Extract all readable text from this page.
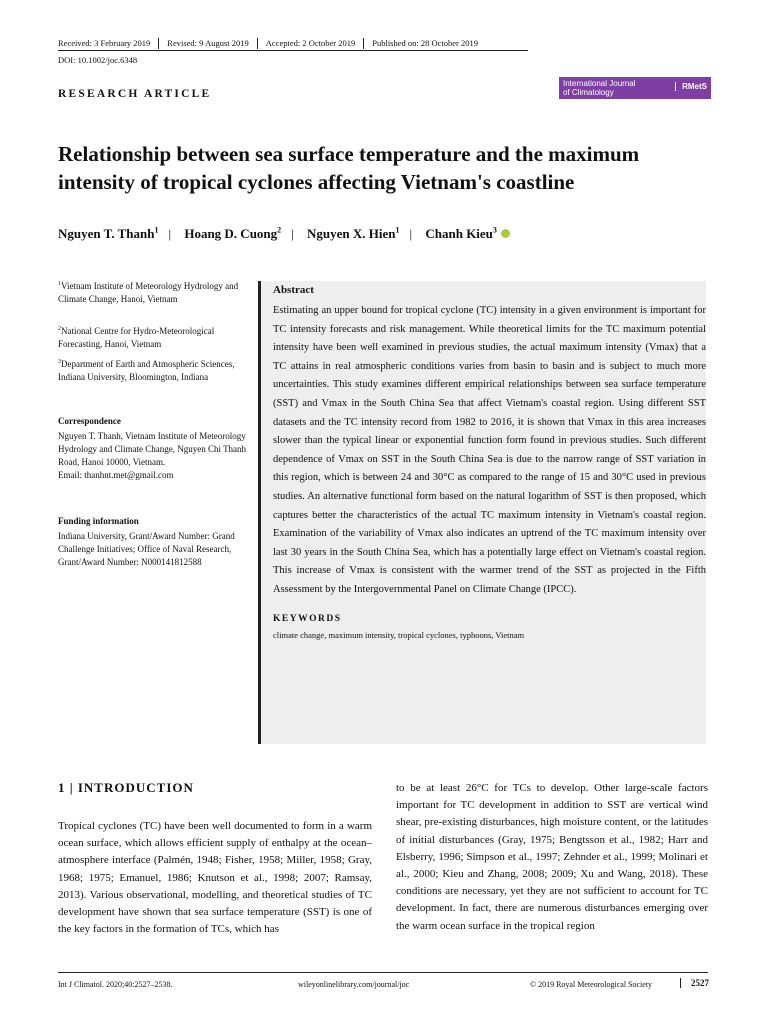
Received: 3 February 2019	Revised: 9 August 2019	Accepted: 2 October 2019	Published on: 28 October 2019
DOI: 10.1002/joc.6348
International Journal
of Climatology
RMetS
RESEARCH ARTICLE
Relationship between sea surface temperature and the maximum intensity of tropical cyclones affecting Vietnam's coastline
Nguyen T. Thanh$^1$ | Hoang D. Cuong$^2$ | Nguyen X. Hien$^1$ | Chanh Kieu$^3$
$^1$Vietnam Institute of Meteorology Hydrology and Climate Change, Hanoi, Vietnam
$^2$National Centre for Hydro-Meteorological Forecasting, Hanoi, Vietnam
$^3$Department of Earth and Atmospheric Sciences, Indiana University, Bloomington, Indiana
Correspondence
Nguyen T. Thanh, Vietnam Institute of Meteorology Hydrology and Climate Change, Nguyen Chi Thanh Road, Hanoi 10000, Vietnam.
Email: thanhnt.met@gmail.com
Funding information
Indiana University, Grant/Award Number: Grand Challenge Initiatives; Office of Naval Research, Grant/Award Number: N000141812588
Abstract

Estimating an upper bound for tropical cyclone (TC) intensity in a given environment is important for TC intensity forecasts and risk management. While theoretical limits for the TC maximum potential intensity have been well examined in previous studies, the actual maximum intensity (Vmax) that a TC attains in real atmospheric conditions varies from basin to basin and is subject to much more uncertainties. This study examines different empirical relationships between sea surface temperature (SST) and Vmax in the South China Sea that affect Vietnam's coastal region. Using different SST datasets and the TC intensity record from 1982 to 2016, it is shown that Vmax in this area increases slower than the typical linear or exponential function form found in previous studies. Such different dependence of Vmax on SST in the South China Sea is due to the narrow range of SST variation in this region, which is between 24 and 30°C as compared to the range of 15 and 30°C used in previous studies. An alternative functional form based on the natural logarithm of SST is then proposed, which captures better the characteristics of the actual TC maximum intensity in Vietnam's coastal region. Examination of the variability of Vmax also indicates an uptrend of the TC maximum intensity over last 30 years in the South China Sea, which has a potentially large effect on Vietnam's coastal region. This increase of Vmax is consistent with the warmer trend of the SST as projected in the Fifth Assessment by the Intergovernmental Panel on Climate Change (IPCC).

KEYWORDS
climate change, maximum intensity, tropical cyclones, typhoons, Vietnam
1 | INTRODUCTION
Tropical cyclones (TC) have been well documented to form in a warm ocean surface, which allows efficient supply of enthalpy at the ocean–atmosphere interface (Palmén, 1948; Fisher, 1958; Miller, 1958; Gray, 1968; 1975; Emanuel, 1986; Knutson et al., 1998; 2007; Ramsay, 2013). Various observational, modelling, and theoretical studies of TC development have shown that sea surface temperature (SST) is one of the key factors in the formation of TCs, which has
to be at least 26°C for TCs to develop. Other large-scale factors important for TC development in addition to SST are vertical wind shear, pre-existing disturbances, high moisture content, or the latitudes of initial disturbances (Gray, 1975; Bengtsson et al., 1982; Harr and Elsberry, 1996; Simpson et al., 1997; Zehnder et al., 1999; Molinari et al., 2000; Kieu and Zhang, 2008; 2009; Xu and Wang, 2018). These conditions are necessary, yet they are not sufficient to account for TC development. In fact, there are numerous disturbances emerging over the warm ocean surface in the tropical region
Int J Climatol. 2020;40:2527–2538.	wileyonlinelibrary.com/journal/joc	© 2019 Royal Meteorological Society	2527
